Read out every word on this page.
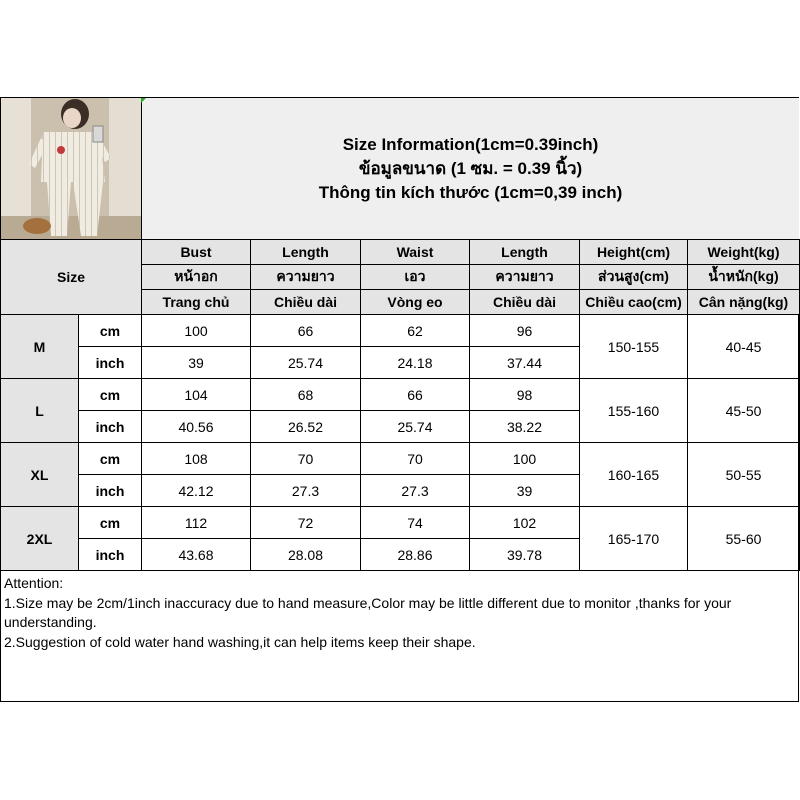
Size Information(1cm=0.39inch)
ข้อมูลขนาด (1 ซม. = 0.39 นิ้ว)
Thông tin kích thước (1cm=0,39 inch)
Size		Bust	Length	Waist	Length	Height(cm)	Weight(kg)
		หน้าอก	ความยาว	เอว	ความยาว	ส่วนสูง(cm)	น้ำหนัก(kg)
		Trang chủ	Chiều dài	Vòng eo	Chiều dài	Chiều cao(cm)	Cân nặng(kg)
M	cm	100	66	62	96	150-155	40-45
	inch	39	25.74	24.18	37.44		
L	cm	104	68	66	98	155-160	45-50
	inch	40.56	26.52	25.74	38.22		
XL	cm	108	70	70	100	160-165	50-55
	inch	42.12	27.3	27.3	39		
2XL	cm	112	72	74	102	165-170	55-60
	inch	43.68	28.08	28.86	39.78		

Attention:

1.Size may be 2cm/1inch inaccuracy due to hand measure,Color may be little different due to monitor ,thanks for your understanding.

2.Suggestion of cold water hand washing,it can help items keep their shape.
